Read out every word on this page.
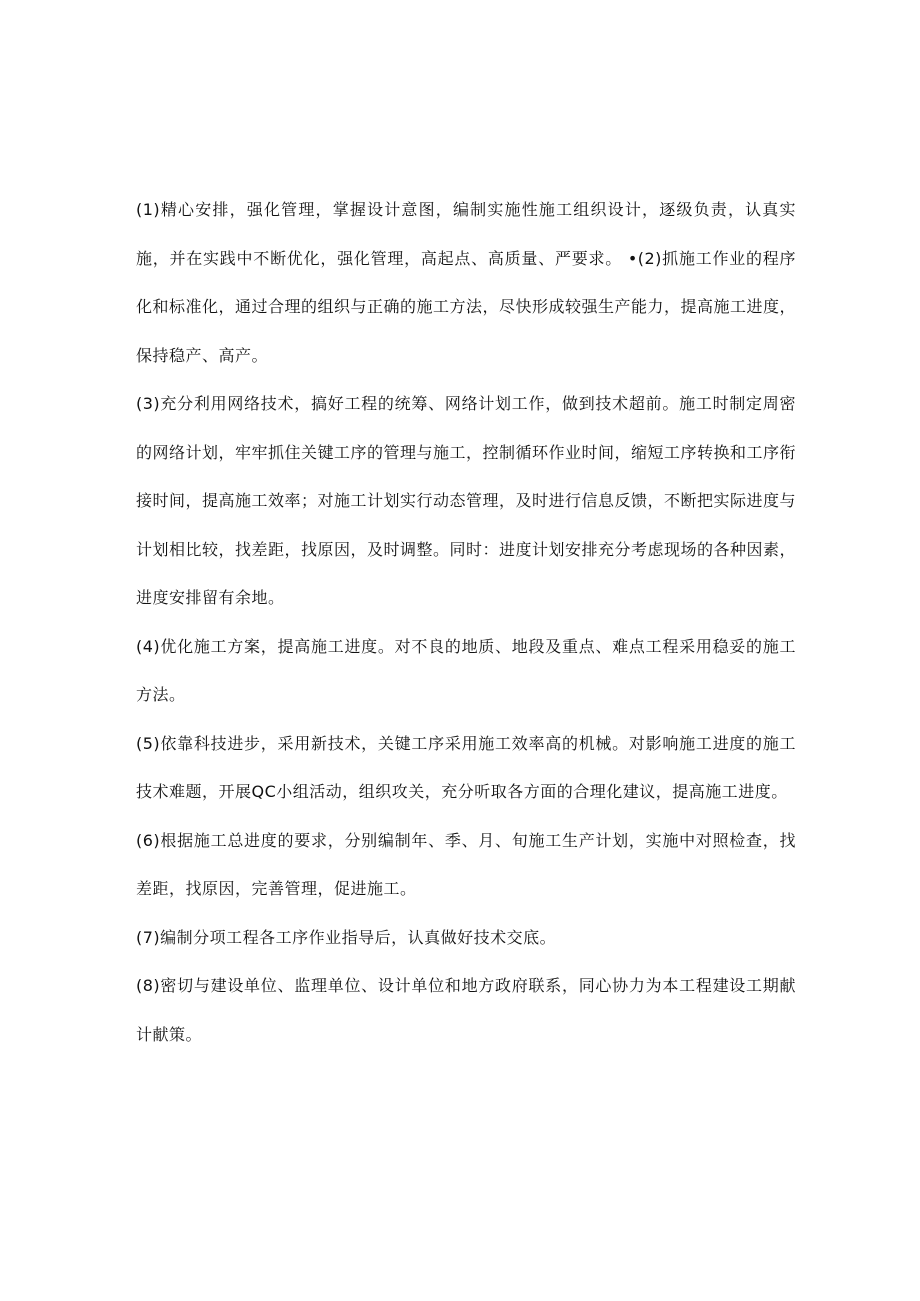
(1)精心安排，强化管理，掌握设计意图，编制实施性施工组织设计，逐级负责，认真实施，并在实践中不断优化，强化管理，高起点、高质量、严要求。 •(2)抓施工作业的程序化和标准化，通过合理的组织与正确的施工方法，尽快形成较强生产能力，提高施工进度，保持稳产、高产。

(3)充分利用网络技术，搞好工程的统筹、网络计划工作，做到技术超前。施工时制定周密的网络计划，牢牢抓住关键工序的管理与施工，控制循环作业时间，缩短工序转换和工序衔接时间，提高施工效率；对施工计划实行动态管理，及时进行信息反馈，不断把实际进度与计划相比较，找差距，找原因，及时调整。同时：进度计划安排充分考虑现场的各种因素，进度安排留有余地。

(4)优化施工方案，提高施工进度。对不良的地质、地段及重点、难点工程采用稳妥的施工方法。

(5)依靠科技进步，采用新技术，关键工序采用施工效率高的机械。对影响施工进度的施工技术难题，开展QC小组活动，组织攻关，充分听取各方面的合理化建议，提高施工进度。

(6)根据施工总进度的要求，分别编制年、季、月、旬施工生产计划，实施中对照检查，找差距，找原因，完善管理，促进施工。

(7)编制分项工程各工序作业指导后，认真做好技术交底。

(8)密切与建设单位、监理单位、设计单位和地方政府联系，同心协力为本工程建设工期献计献策。
